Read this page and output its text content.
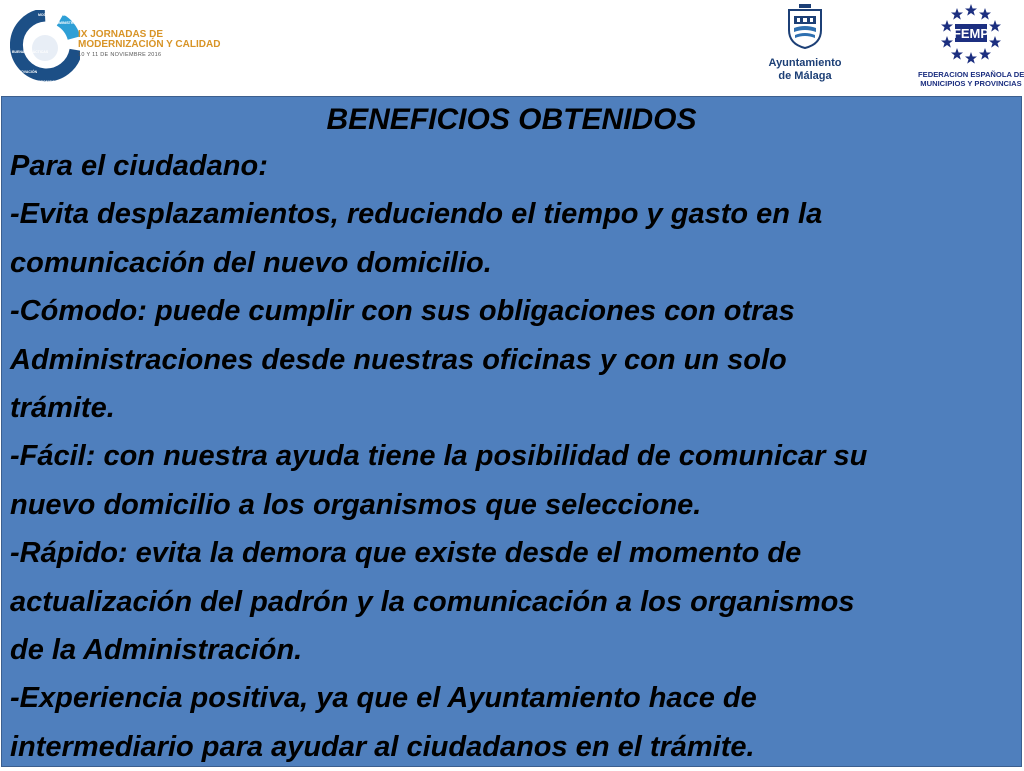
MODELO DE GESTIÓN
ADMINISTRACIÓN INTELIGENTE
INNOVACIÓN
COMPROMISO
BUENAS PRÁCTICAS
IX JORNADAS DE
MODERNIZACIÓN Y CALIDAD
10 Y 11 DE NOVIEMBRE 2016
Ayuntamiento
de Málaga
FEMP
FEDERACION ESPAÑOLA DE
MUNICIPIOS Y PROVINCIAS
BENEFICIOS OBTENIDOS

Para el ciudadano:

-Evita desplazamientos, reduciendo el tiempo y gasto en la

comunicación del nuevo domicilio.

-Cómodo: puede cumplir con sus obligaciones con otras

Administraciones desde nuestras oficinas y con un solo

trámite.

-Fácil: con nuestra ayuda tiene la posibilidad de comunicar su

nuevo domicilio a los organismos que seleccione.

-Rápido: evita la demora que existe desde el momento de

actualización del padrón y la comunicación a los organismos

de la Administración.

-Experiencia positiva, ya que el Ayuntamiento hace de

intermediario para ayudar al ciudadanos en el trámite.
